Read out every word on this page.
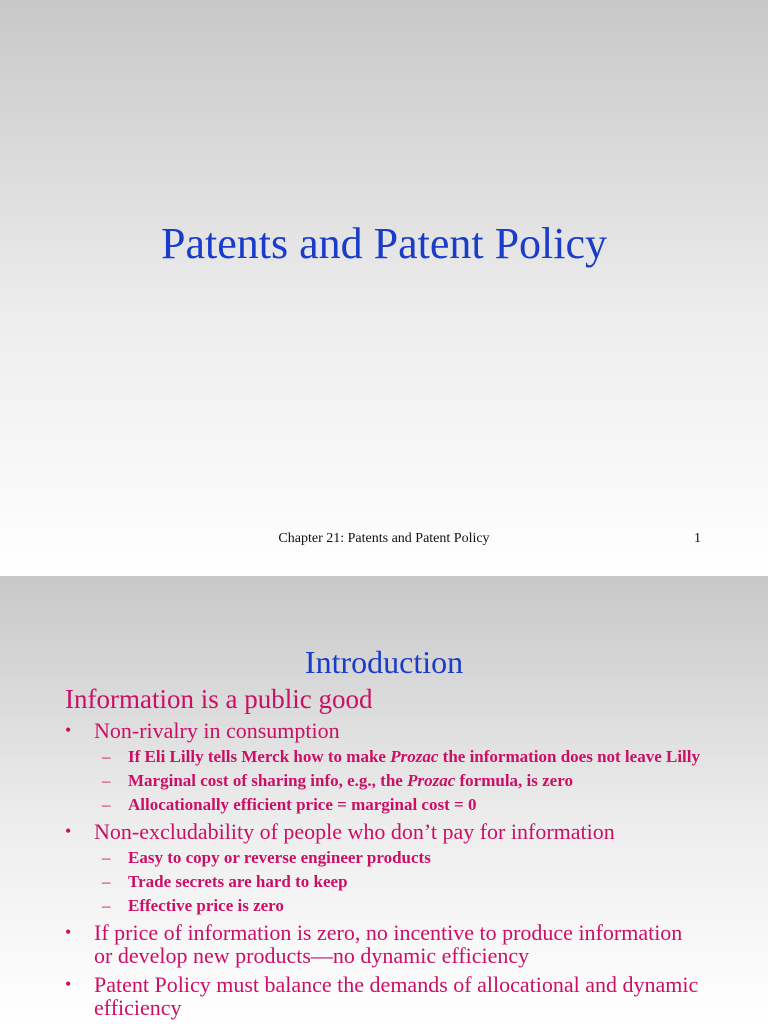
Patents and Patent Policy
Chapter 21: Patents and Patent Policy	1
Introduction
Information is a public good
• Non-rivalry in consumption
– If Eli Lilly tells Merck how to make Prozac the information does not leave Lilly
– Marginal cost of sharing info, e.g., the Prozac formula, is zero
– Allocationally efficient price = marginal cost = 0
• Non-excludability of people who don’t pay for information
– Easy to copy or reverse engineer products
– Trade secrets are hard to keep
– Effective price is zero
• If price of information is zero, no incentive to produce information or develop new products—no dynamic efficiency
• Patent Policy must balance the demands of allocational and dynamic efficiency
